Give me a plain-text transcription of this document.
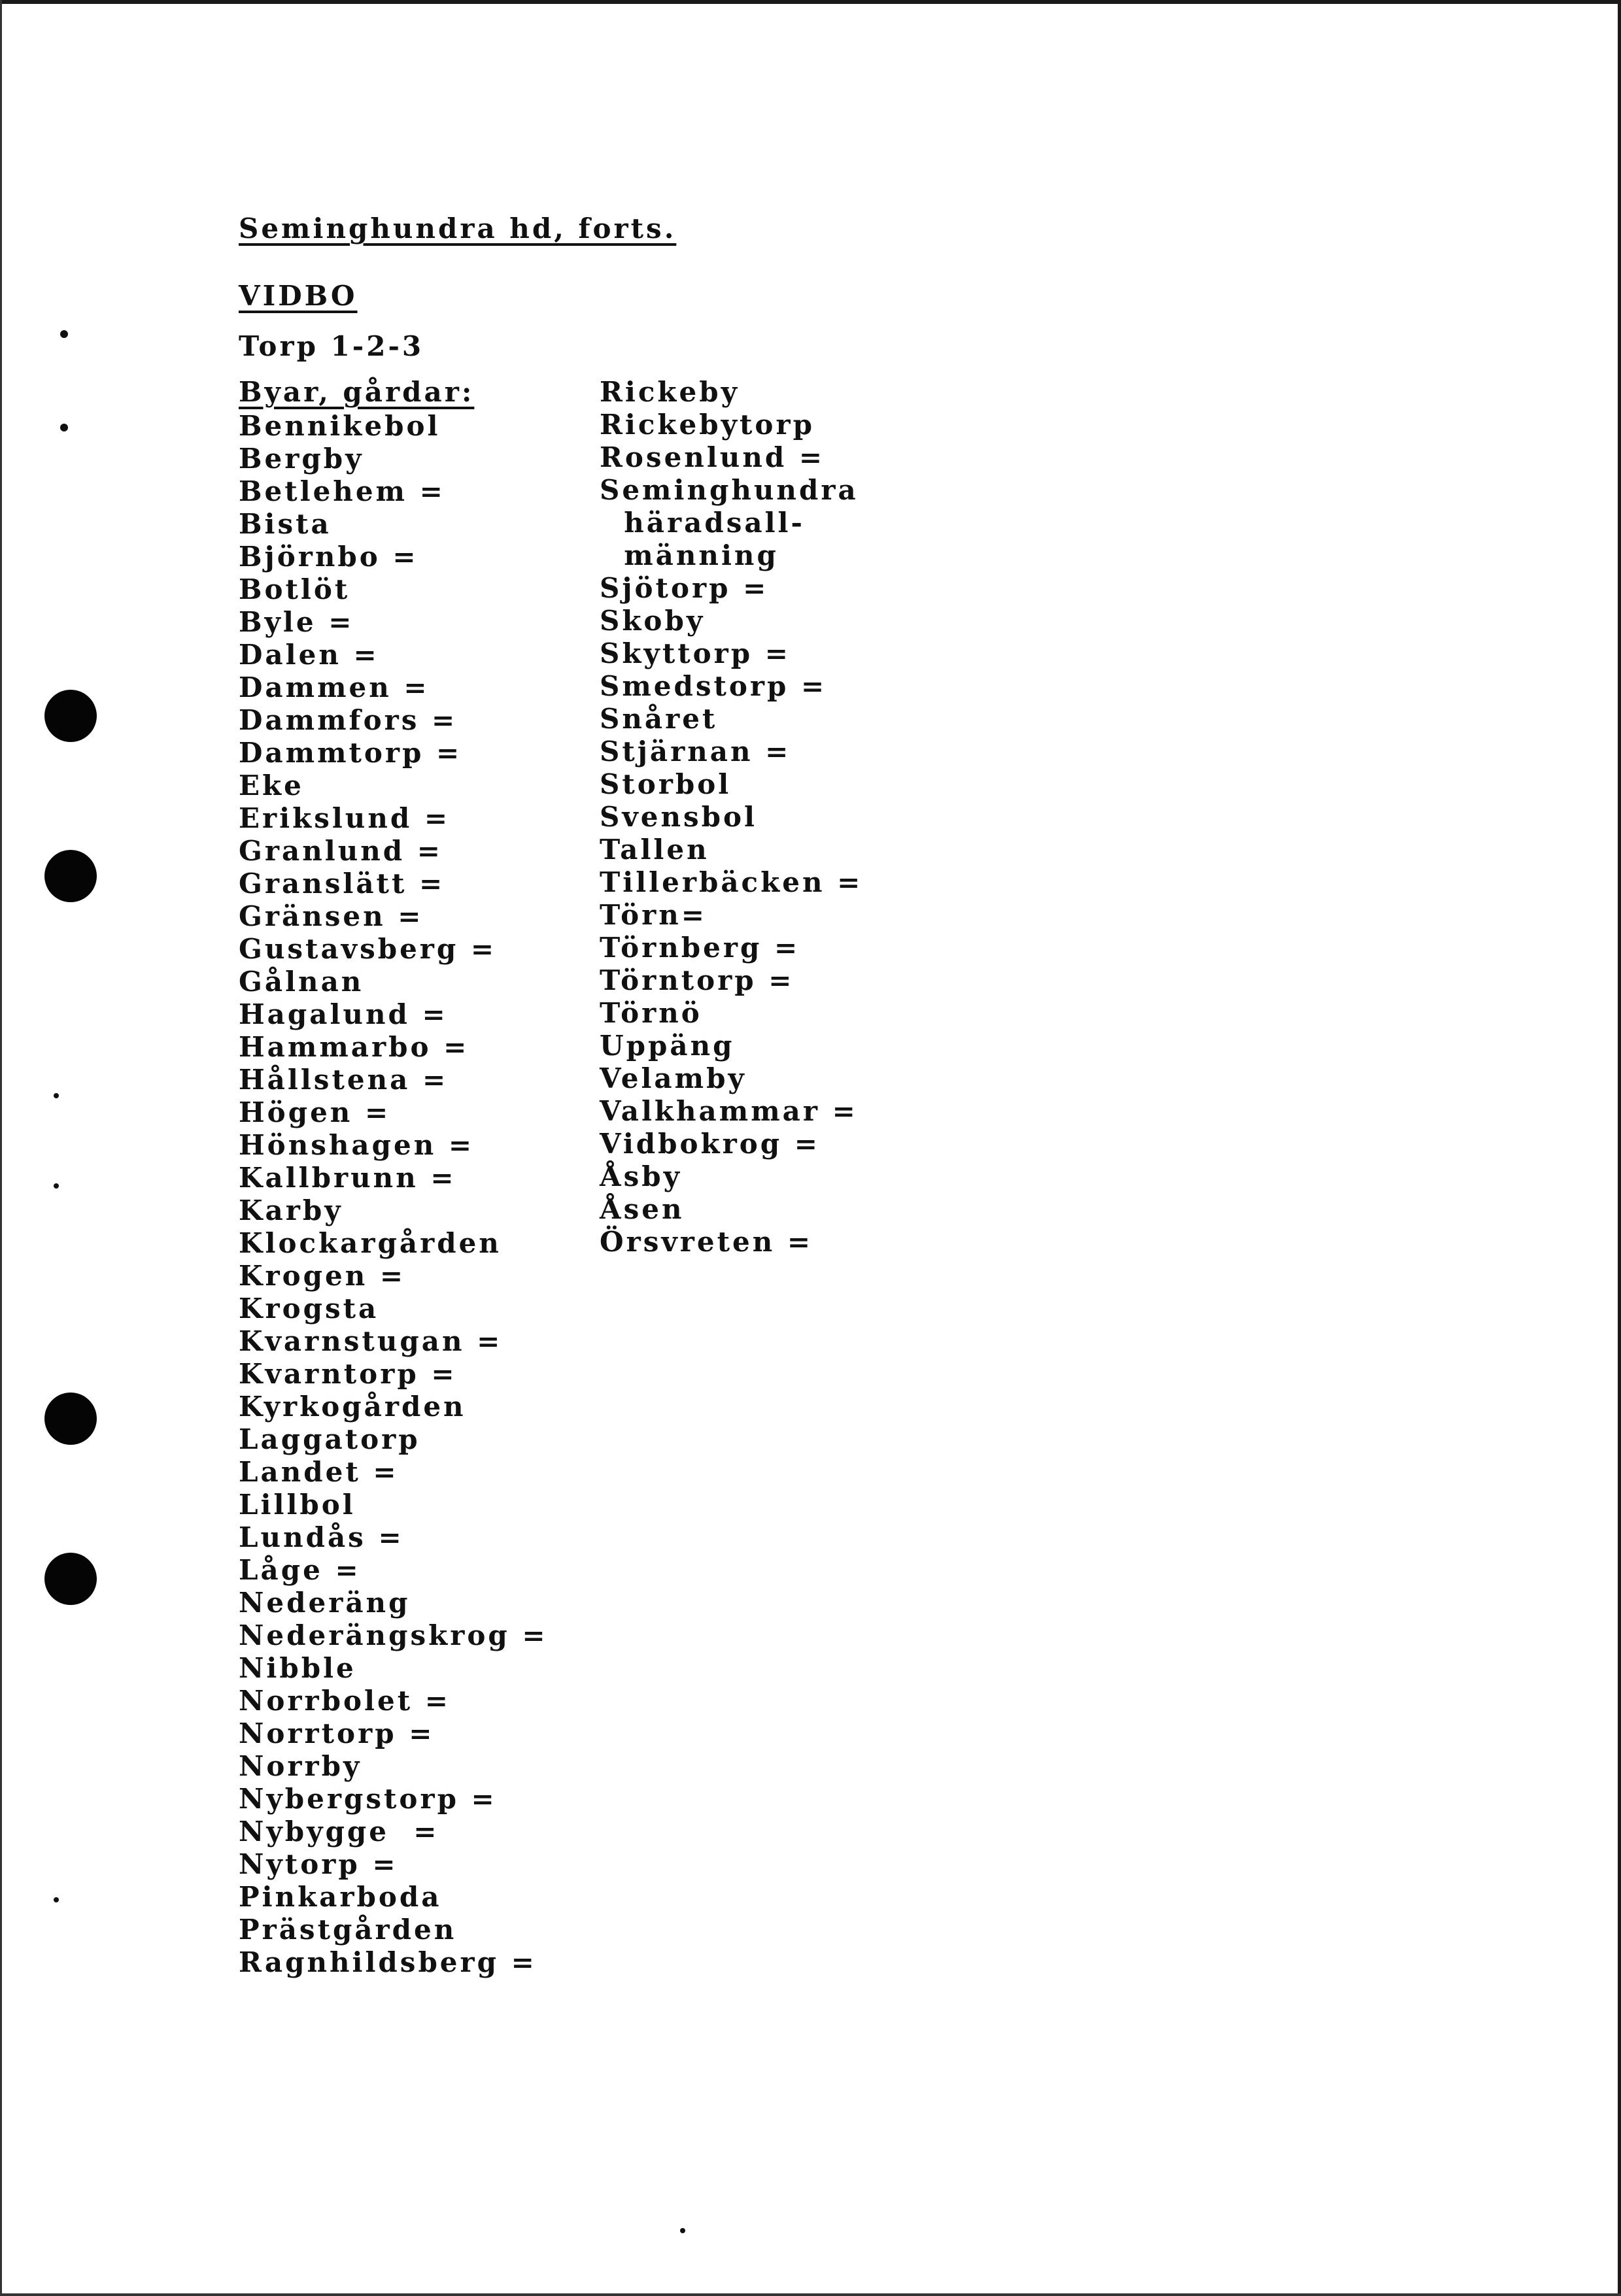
Seminghundra hd, forts.
VIDBO
Torp 1-2-3
Byar, gårdar:
Bennikebol
Bergby
Betlehem =
Bista
Björnbo =
Botlöt
Byle =
Dalen =
Dammen =
Dammfors =
Dammtorp =
Eke
Erikslund =
Granlund =
Granslätt =
Gränsen =
Gustavsberg =
Gålnan
Hagalund =
Hammarbo =
Hållstena =
Högen =
Hönshagen =
Kallbrunn =
Karby
Klockargården
Krogen =
Krogsta
Kvarnstugan =
Kvarntorp =
Kyrkogården
Laggatorp
Landet =
Lillbol
Lundås =
Låge =
Nederäng
Nederängskrog =
Nibble
Norrbolet =
Norrtorp =
Norrby
Nybergstorp =
Nybygge  =
Nytorp =
Pinkarboda
Prästgården
Ragnhildsberg =
Rickeby
Rickebytorp
Rosenlund =
Seminghundra
häradsall-
männing
Sjötorp =
Skoby
Skyttorp =
Smedstorp =
Snåret
Stjärnan =
Storbol
Svensbol
Tallen
Tillerbäcken =
Törn=
Törnberg =
Törntorp =
Törnö
Uppäng
Velamby
Valkhammar =
Vidbokrog =
Åsby
Åsen
Örsvreten =
